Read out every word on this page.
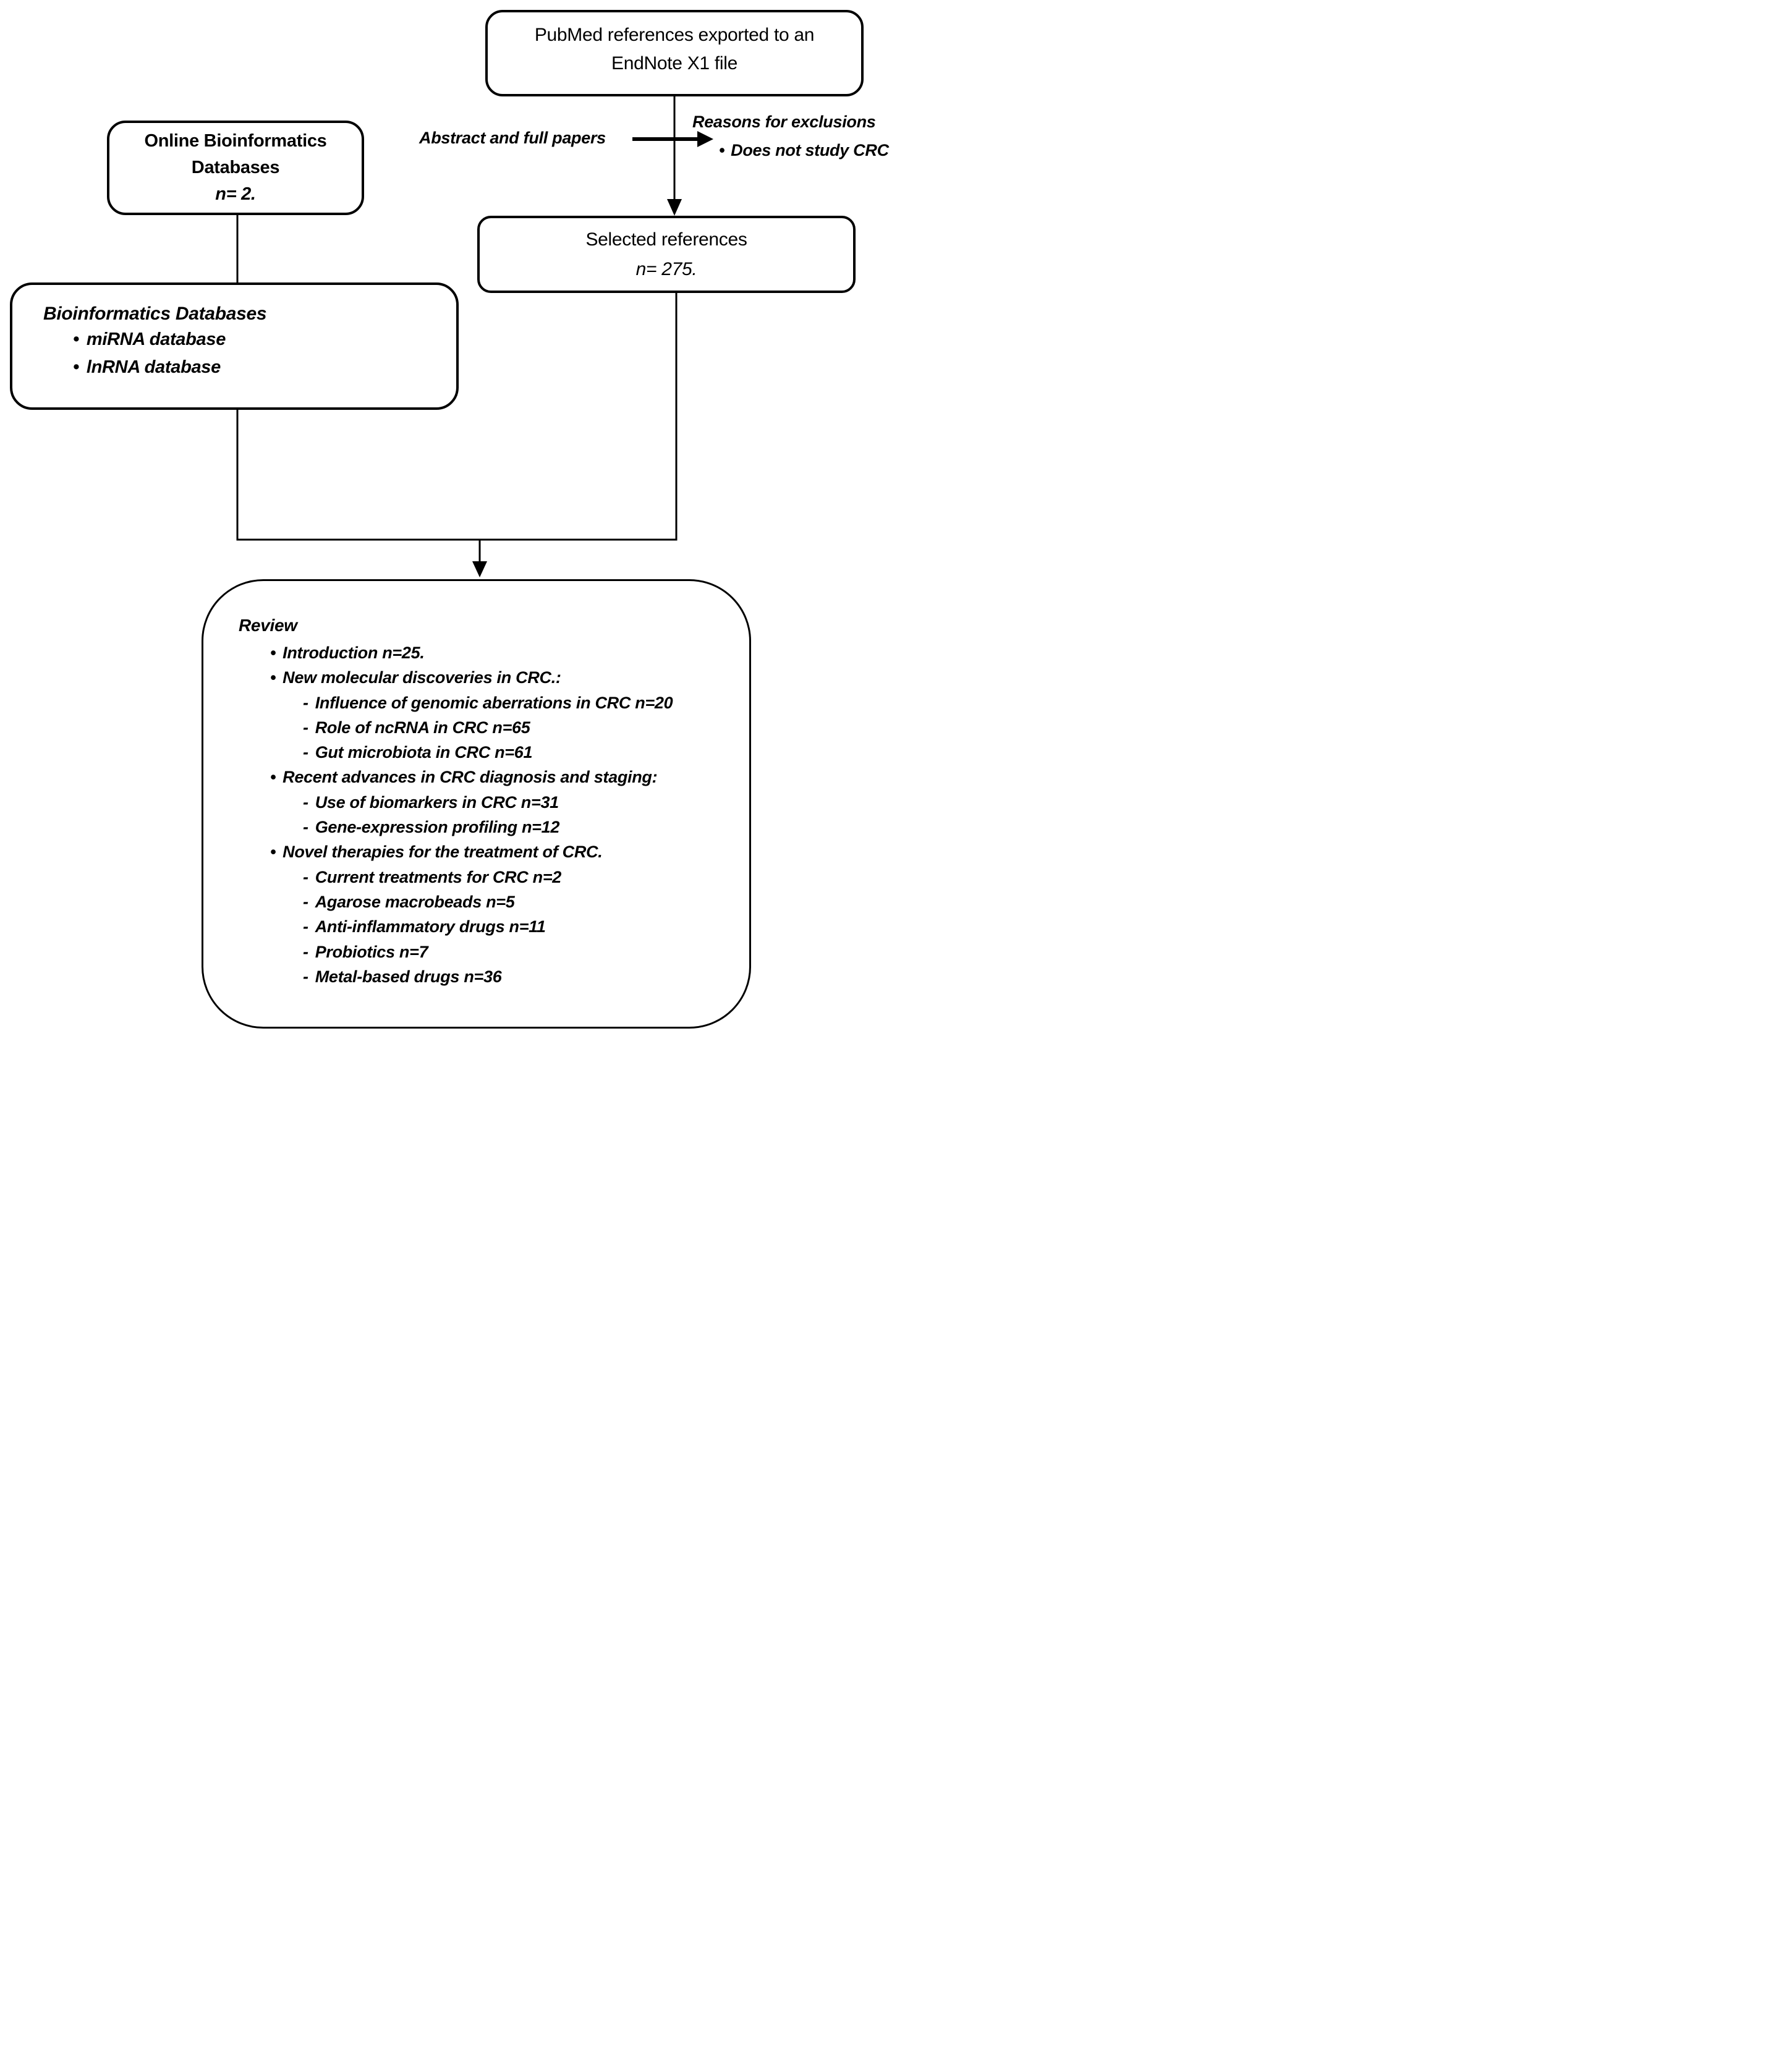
PubMed references exported to an
EndNote X1 file
Online Bioinformatics
Databases
n= 2.
Abstract and full papers
Reasons for exclusions
• Does not study CRC
Selected references
n= 275.
Bioinformatics Databases
• miRNA database
• lnRNA database
Review
• Introduction n=25.
• New molecular discoveries in CRC.:
- Influence of genomic aberrations in CRC n=20
- Role of ncRNA in CRC n=65
- Gut microbiota in CRC n=61
• Recent advances in CRC diagnosis and staging:
- Use of biomarkers in CRC n=31
- Gene-expression profiling n=12
• Novel therapies for the treatment of CRC.
- Current treatments for CRC n=2
- Agarose macrobeads n=5
- Anti-inflammatory drugs n=11
- Probiotics n=7
- Metal-based drugs n=36
